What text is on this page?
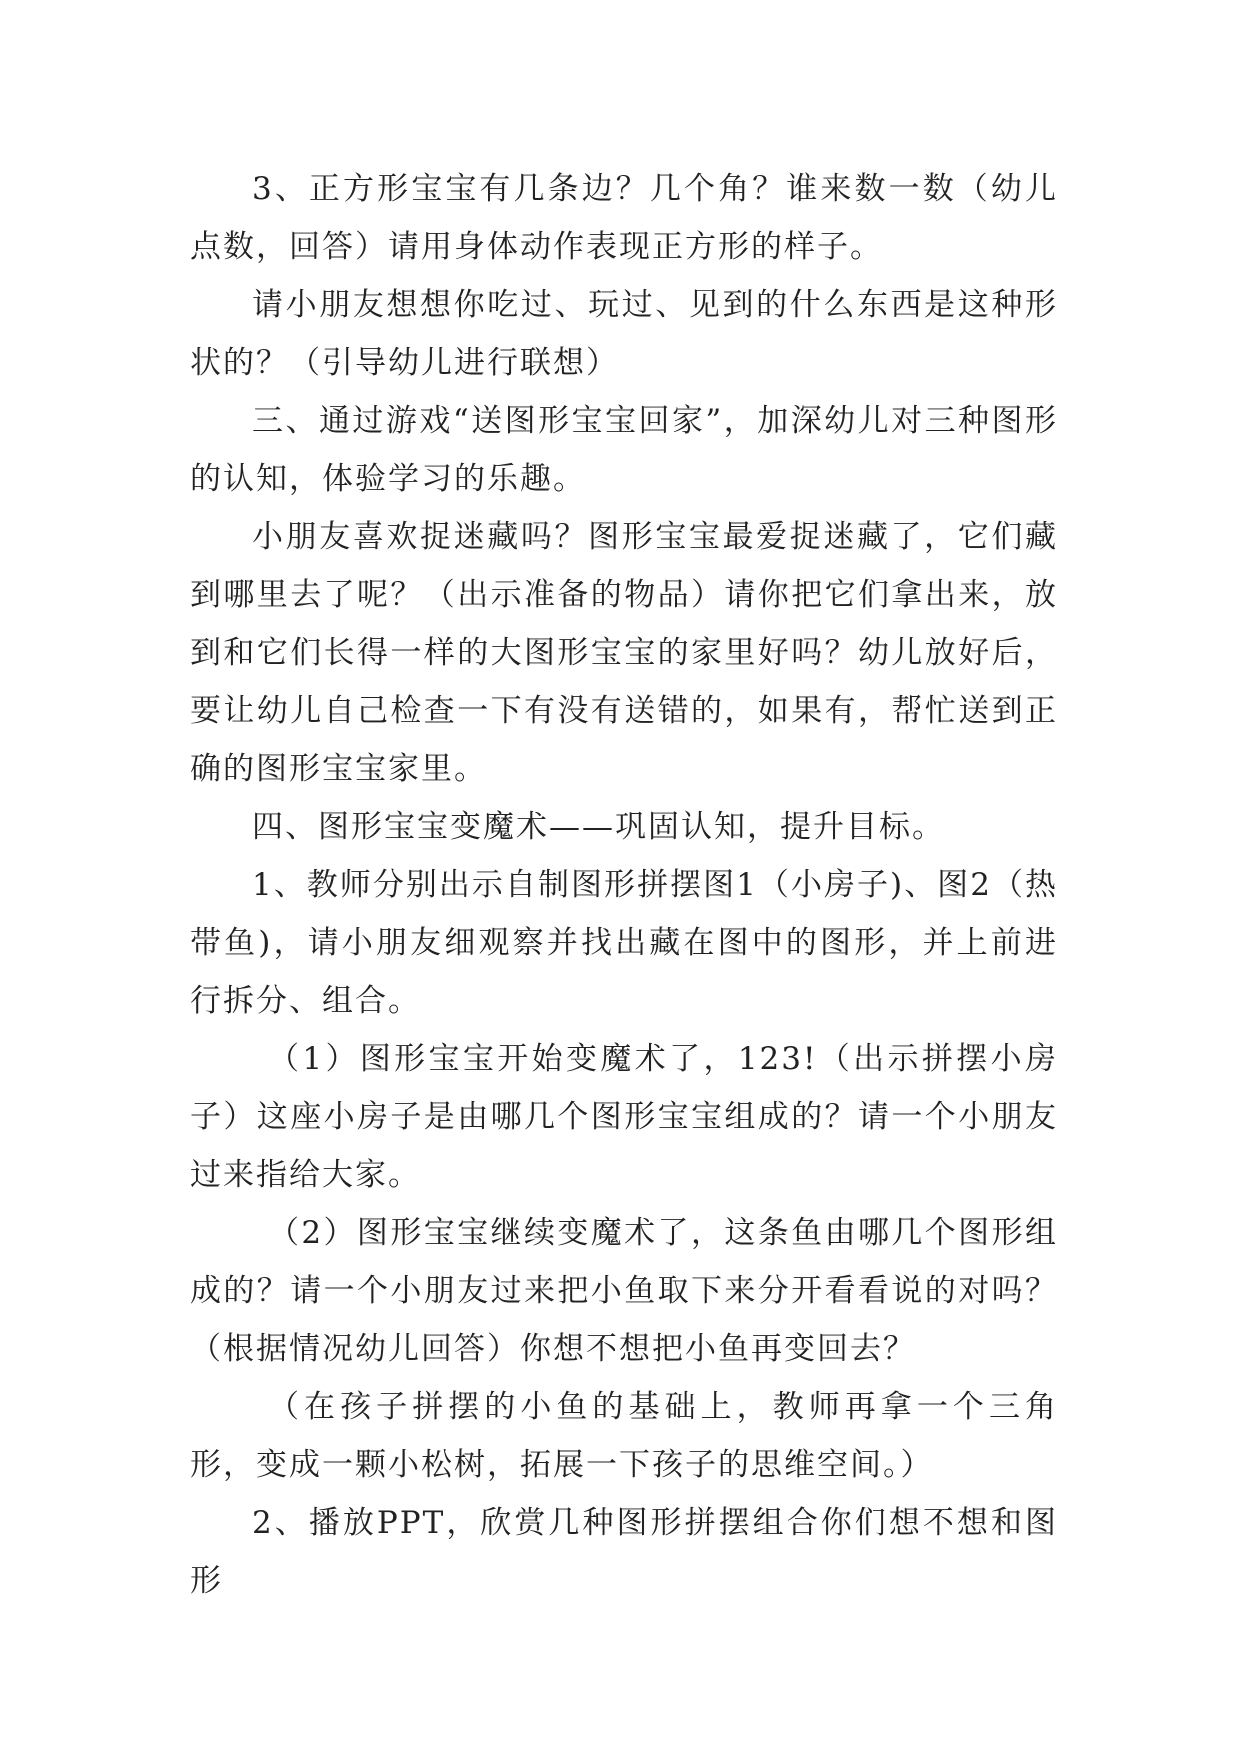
3、正方形宝宝有几条边？几个角？谁来数一数（幼儿点数，回答）请用身体动作表现正方形的样子。

请小朋友想想你吃过、玩过、见到的什么东西是这种形状的？（引导幼儿进行联想）

三、通过游戏“送图形宝宝回家”，加深幼儿对三种图形的认知，体验学习的乐趣。

小朋友喜欢捉迷藏吗？图形宝宝最爱捉迷藏了，它们藏到哪里去了呢？（出示准备的物品）请你把它们拿出来，放到和它们长得一样的大图形宝宝的家里好吗？幼儿放好后，要让幼儿自己检查一下有没有送错的，如果有，帮忙送到正确的图形宝宝家里。

四、图形宝宝变魔术——巩固认知，提升目标。

1、教师分别出示自制图形拼摆图1（小房子)、图2（热带鱼)，请小朋友细观察并找出藏在图中的图形，并上前进行拆分、组合。

（1）图形宝宝开始变魔术了，123!（出示拼摆小房子）这座小房子是由哪几个图形宝宝组成的？请一个小朋友过来指给大家。

（2）图形宝宝继续变魔术了，这条鱼由哪几个图形组成的？请一个小朋友过来把小鱼取下来分开看看说的对吗？（根据情况幼儿回答）你想不想把小鱼再变回去？

（在孩子拼摆的小鱼的基础上，教师再拿一个三角形，变成一颗小松树，拓展一下孩子的思维空间。）

2、播放PPT，欣赏几种图形拼摆组合你们想不想和图形
